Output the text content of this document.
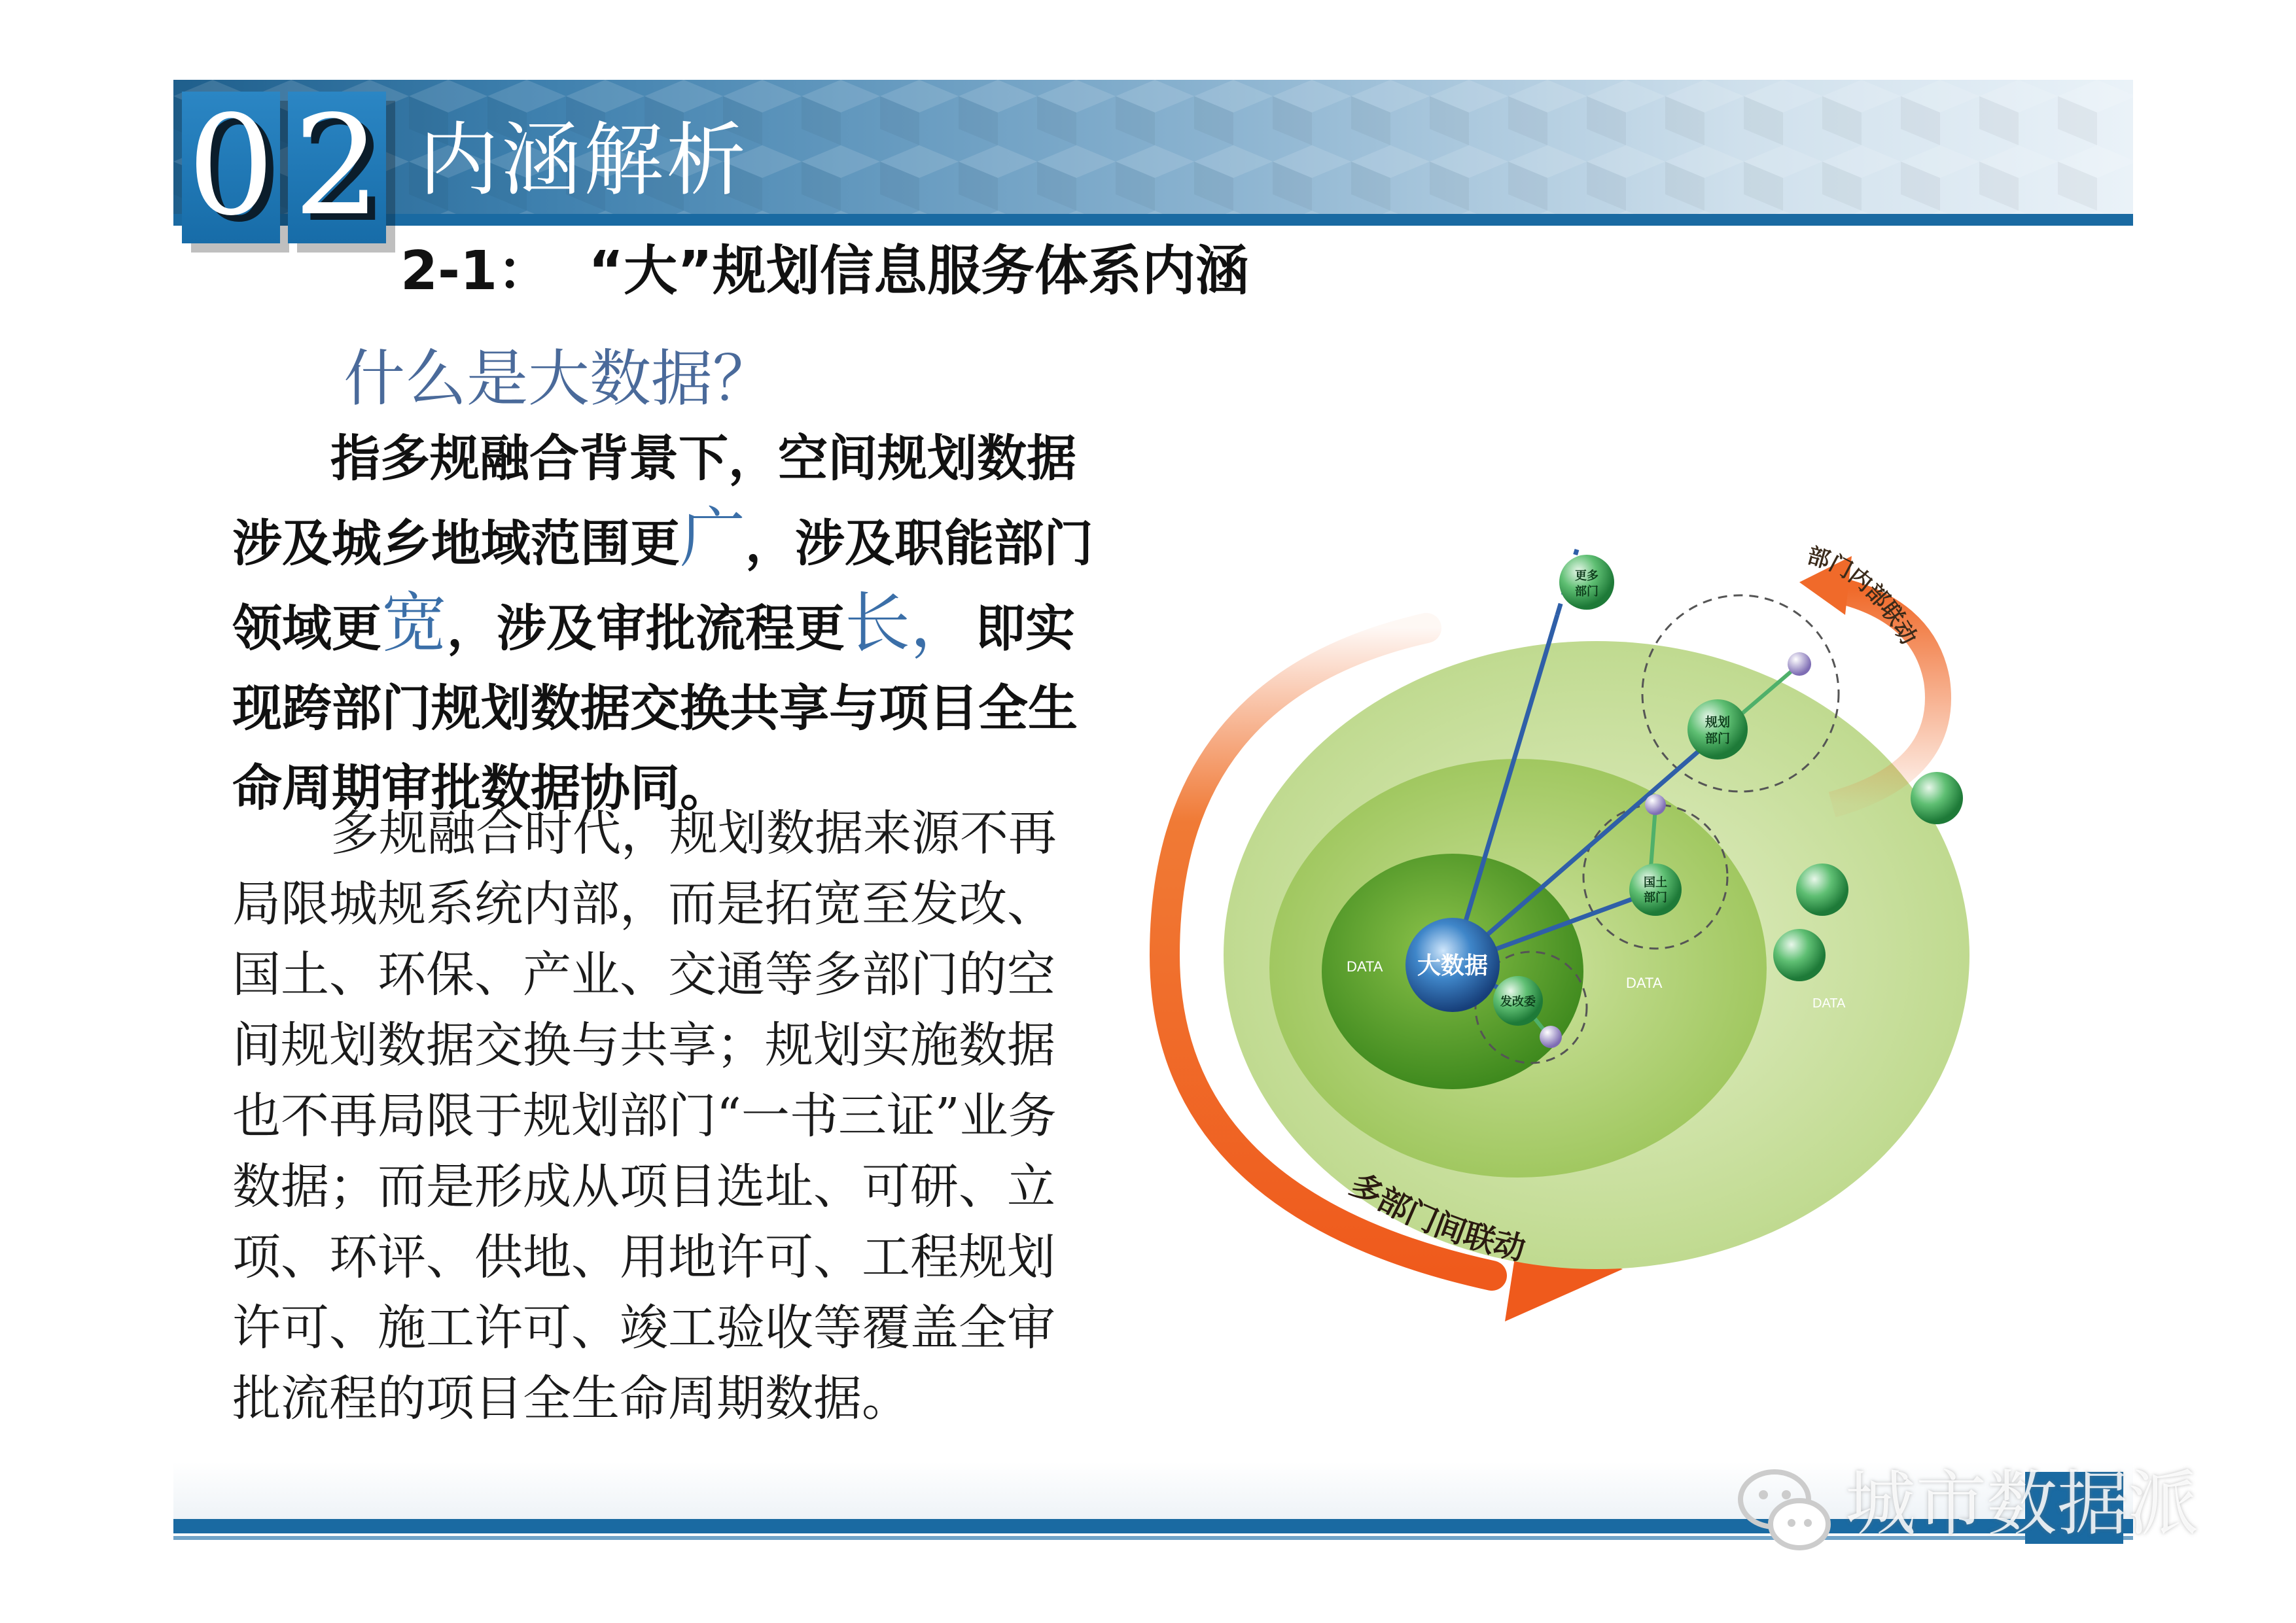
0 2 内涵解析
2-1：  “大”规划信息服务体系内涵
什么是大数据？
指多规融合背景下，空间规划数据涉及城乡地域范围更广，涉及职能部门领域更宽，涉及审批流程更长，即实现跨部门规划数据交换共享与项目全生命周期审批数据协同。
多规融合时代，规划数据来源不再局限城规系统内部，而是拓宽至发改、国土、环保、产业、交通等多部门的空间规划数据交换与共享；规划实施数据也不再局限于规划部门“一书三证”业务数据；而是形成从项目选址、可研、立项、环评、供地、用地许可、工程规划许可、施工许可、竣工验收等覆盖全审批流程的项目全生命周期数据。
DATA
DATA
DATA
更多
部门
规划
部门
国土
部门
发改委
大数据
部门内部联动
多部门间联动
城市数据派
